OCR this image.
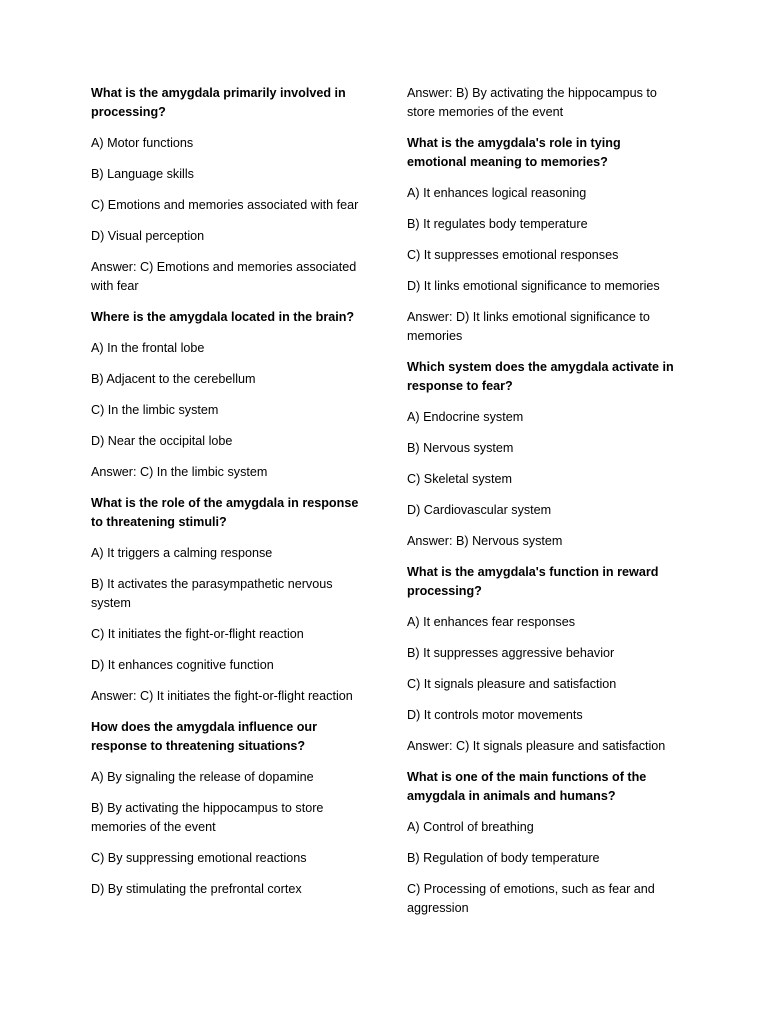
What is the amygdala primarily involved in processing?

A) Motor functions

B) Language skills

C) Emotions and memories associated with fear

D) Visual perception

Answer: C) Emotions and memories associated with fear

Where is the amygdala located in the brain?

A) In the frontal lobe

B) Adjacent to the cerebellum

C) In the limbic system

D) Near the occipital lobe

Answer: C) In the limbic system

What is the role of the amygdala in response to threatening stimuli?

A) It triggers a calming response

B) It activates the parasympathetic nervous system

C) It initiates the fight-or-flight reaction

D) It enhances cognitive function

Answer: C) It initiates the fight-or-flight reaction

How does the amygdala influence our response to threatening situations?

A) By signaling the release of dopamine

B) By activating the hippocampus to store memories of the event

C) By suppressing emotional reactions

D) By stimulating the prefrontal cortex

Answer: B) By activating the hippocampus to store memories of the event

What is the amygdala's role in tying emotional meaning to memories?

A) It enhances logical reasoning

B) It regulates body temperature

C) It suppresses emotional responses

D) It links emotional significance to memories

Answer: D) It links emotional significance to memories

Which system does the amygdala activate in response to fear?

A) Endocrine system

B) Nervous system

C) Skeletal system

D) Cardiovascular system

Answer: B) Nervous system

What is the amygdala's function in reward processing?

A) It enhances fear responses

B) It suppresses aggressive behavior

C) It signals pleasure and satisfaction

D) It controls motor movements

Answer: C) It signals pleasure and satisfaction

What is one of the main functions of the amygdala in animals and humans?

A) Control of breathing

B) Regulation of body temperature

C) Processing of emotions, such as fear and aggression
